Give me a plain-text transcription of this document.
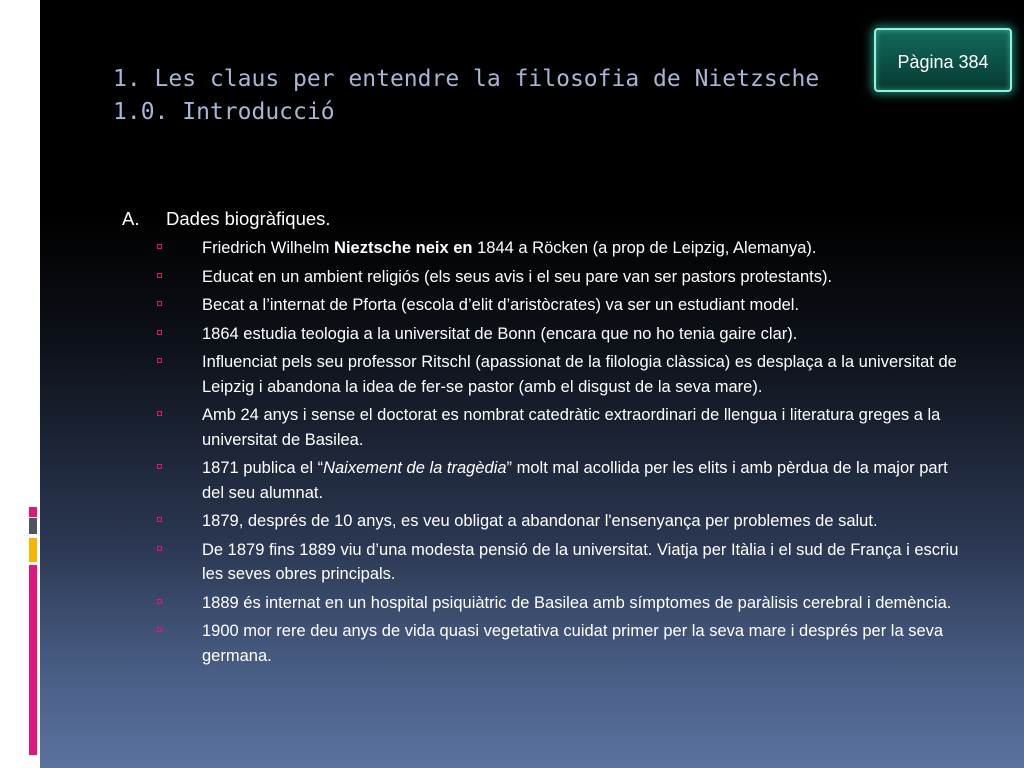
1. Les claus per entendre la filosofia de Nietzsche
1.0. Introducció
Pàgina 384
A. Dades biogràfiques.
Friedrich Wilhelm Nieztsche neix en 1844 a Röcken (a prop de Leipzig, Alemanya).
Educat en un ambient religiós (els seus avis i el seu pare van ser pastors protestants).
Becat a l’internat de Pforta (escola d’elit d’aristòcrates) va ser un estudiant model.
1864 estudia teologia a la universitat de Bonn (encara que no ho tenia gaire clar).
Influenciat pels seu professor Ritschl (apassionat de la filologia clàssica) es desplaça a la universitat de Leipzig i abandona la idea de fer-se pastor (amb el disgust de la seva mare).
Amb 24 anys i sense el doctorat es nombrat catedràtic extraordinari de llengua i literatura greges a la universitat de Basilea.
1871 publica el “Naixement de la tragèdia” molt mal acollida per les elits i amb pèrdua de la major part del seu alumnat.
1879, després de 10 anys, es veu obligat a abandonar l'ensenyança per problemes de salut.
De 1879 fins 1889 viu d’una modesta pensió de la universitat. Viatja per Itàlia i el sud de França i escriu les seves obres principals.
1889 és internat en un hospital psiquiàtric de Basilea amb símptomes de paràlisis cerebral i demència.
1900 mor rere deu anys de vida quasi vegetativa cuidat primer per la seva mare i després per la seva germana.
